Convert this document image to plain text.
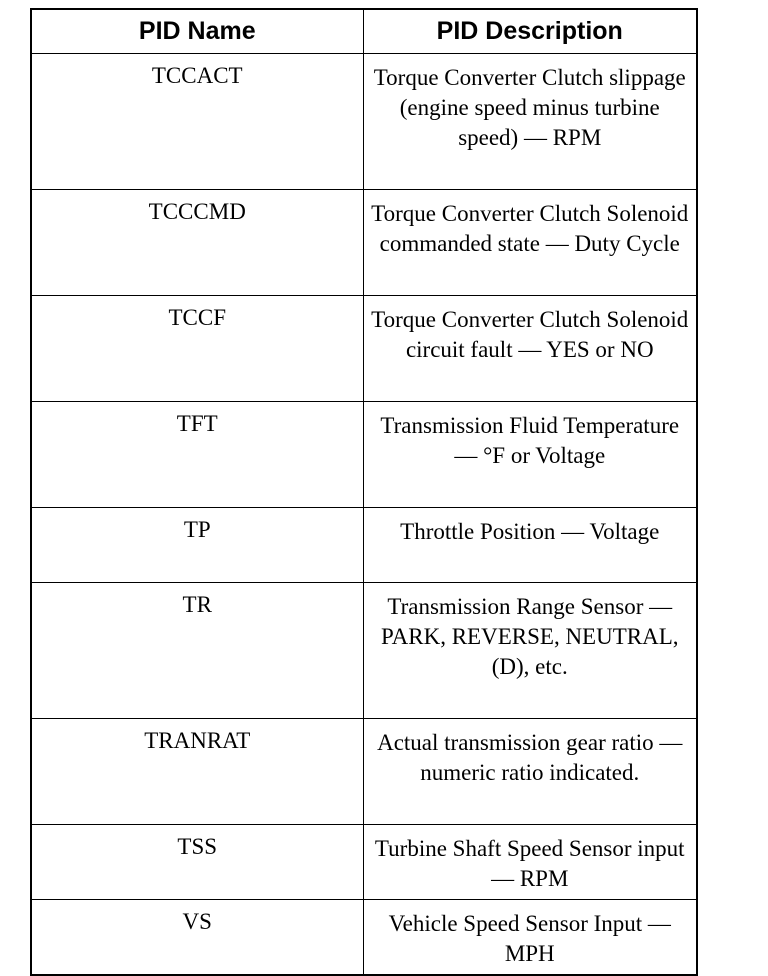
PID Name	PID Description
TCCACT	Torque Converter Clutch slippage (engine speed minus turbine speed) — RPM
TCCCMD	Torque Converter Clutch Solenoid commanded state — Duty Cycle
TCCF	Torque Converter Clutch Solenoid circuit fault — YES or NO
TFT	Transmission Fluid Temperature — °F or Voltage
TP	Throttle Position — Voltage
TR	Transmission Range Sensor — PARK, REVERSE, NEUTRAL, (D), etc.
TRANRAT	Actual transmission gear ratio — numeric ratio indicated.
TSS	Turbine Shaft Speed Sensor input — RPM
VS	Vehicle Speed Sensor Input — MPH
